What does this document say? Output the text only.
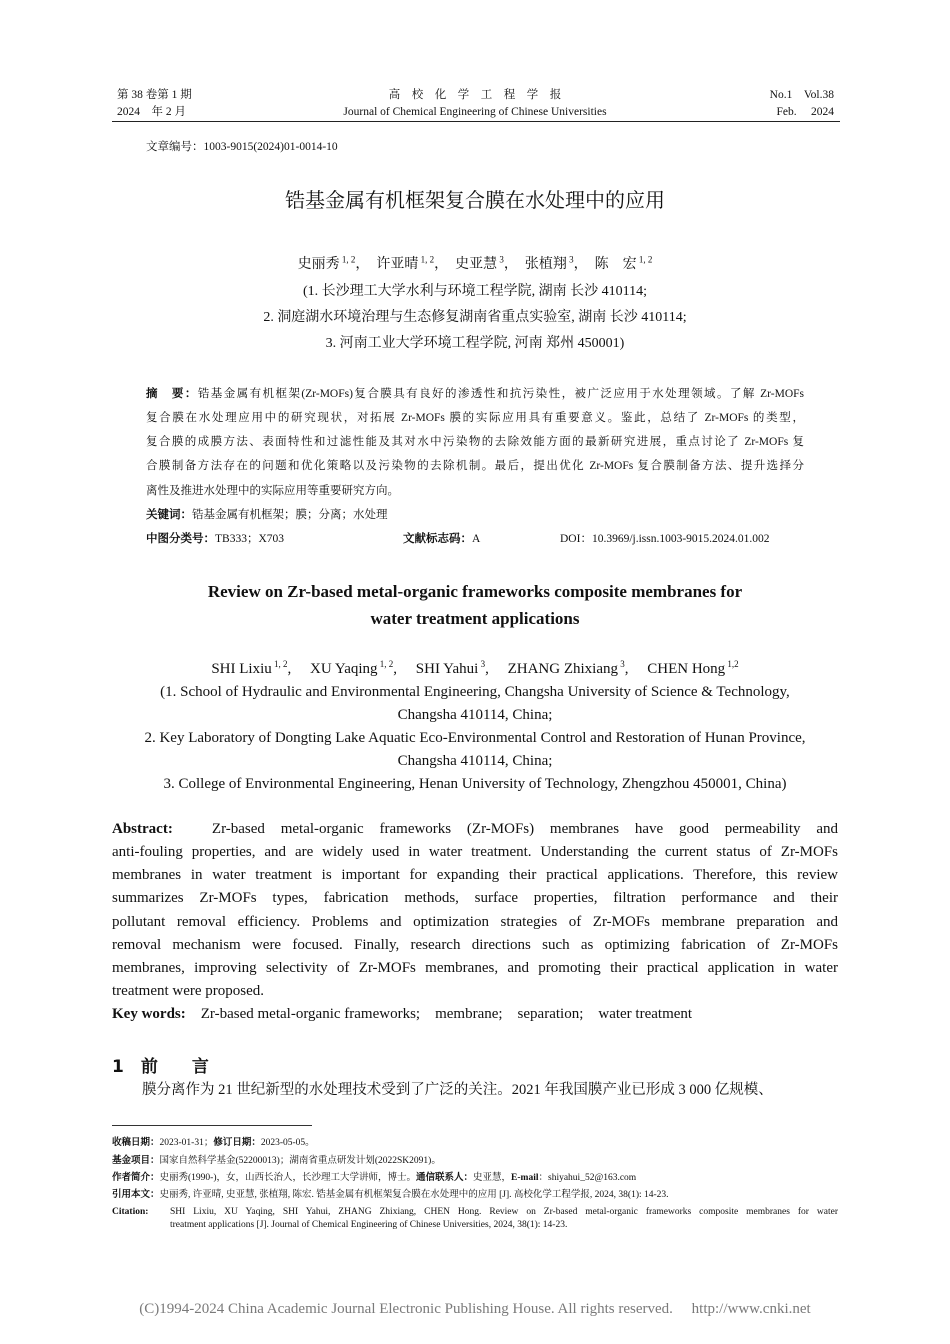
第 38 卷第 1 期
2024　年 2 月
高　校　化　学　工　程　学　报
Journal of Chemical Engineering of Chinese Universities
No.1　Vol.38
Feb.　 2024
文章编号：1003-9015(2024)01-0014-10
锆基金属有机框架复合膜在水处理中的应用
史丽秀 $^{1, 2}$，　许亚晴 $^{1, 2}$，　史亚慧 $^3$，　张植翔 $^3$，　陈　宏 $^{1, 2}$
(1. 长沙理工大学水利与环境工程学院, 湖南 长沙 410114;
2. 洞庭湖水环境治理与生态修复湖南省重点实验室, 湖南 长沙 410114;
3. 河南工业大学环境工程学院, 河南 郑州 450001)
摘　要：锆基金属有机框架(Zr-MOFs)复合膜具有良好的渗透性和抗污染性，被广泛应用于水处理领域。了解 Zr-MOFs
复合膜在水处理应用中的研究现状，对拓展 Zr-MOFs 膜的实际应用具有重要意义。鉴此，总结了 Zr-MOFs 的类型，
复合膜的成膜方法、表面特性和过滤性能及其对水中污染物的去除效能方面的最新研究进展，重点讨论了 Zr-MOFs 复
合膜制备方法存在的问题和优化策略以及污染物的去除机制。最后，提出优化 Zr-MOFs 复合膜制备方法、提升选择分
离性及推进水处理中的实际应用等重要研究方向。
关键词：锆基金属有机框架；膜；分离；水处理
中图分类号：TB333；X703	文献标志码：A	DOI：10.3969/j.issn.1003-9015.2024.01.002
Review on Zr-based metal-organic frameworks composite membranes for
water treatment applications
SHI Lixiu $^{1, 2}$,　 XU Yaqing $^{1, 2}$,　 SHI Yahui $^3$,　 ZHANG Zhixiang $^3$,　 CHEN Hong $^{1,2}$
(1. School of Hydraulic and Environmental Engineering, Changsha University of Science & Technology,
Changsha 410114, China;
2. Key Laboratory of Dongting Lake Aquatic Eco-Environmental Control and Restoration of Hunan Province,
Changsha 410114, China;
3. College of Environmental Engineering, Henan University of Technology, Zhengzhou 450001, China)
Abstract:　	Zr-based metal-organic frameworks (Zr-MOFs) membranes have good permeability and
anti-fouling properties, and are widely used in water treatment. Understanding the current status of Zr-MOFs
membranes in water treatment is important for expanding their practical applications. Therefore, this review
summarizes Zr-MOFs types, fabrication methods, surface properties, filtration performance and their
pollutant removal efficiency. Problems and optimization strategies of Zr-MOFs membrane preparation and
removal mechanism were focused. Finally, research directions such as optimizing fabrication of Zr-MOFs
membranes, improving selectivity of Zr-MOFs membranes, and promoting their practical application in water
treatment were proposed.
Key words: Zr-based metal-organic frameworks;　membrane;　separation;　water treatment
1　 前　　言
膜分离作为 21 世纪新型的水处理技术受到了广泛的关注。2021 年我国膜产业已形成 3 000 亿规模、
收稿日期：2023-01-31；修订日期：2023-05-05。
基金项目：国家自然科学基金(52200013)；湖南省重点研发计划(2022SK2091)。
作者简介：史丽秀(1990-)，女，山西长治人，长沙理工大学讲师，博士。通信联系人：史亚慧，E-mail：shiyahui_52@163.com
引用本文：史丽秀, 许亚晴, 史亚慧, 张植翔, 陈宏. 锆基金属有机框架复合膜在水处理中的应用 [J]. 高校化学工程学报, 2024, 38(1): 14-23.
Citation: SHI Lixiu, XU Yaqing, SHI Yahui, ZHANG Zhixiang, CHEN Hong. Review on Zr-based metal-organic frameworks composite membranes for water
treatment applications [J]. Journal of Chemical Engineering of Chinese Universities, 2024, 38(1): 14-23.
(C)1994-2024 China Academic Journal Electronic Publishing House. All rights reserved.　 http://www.cnki.net
